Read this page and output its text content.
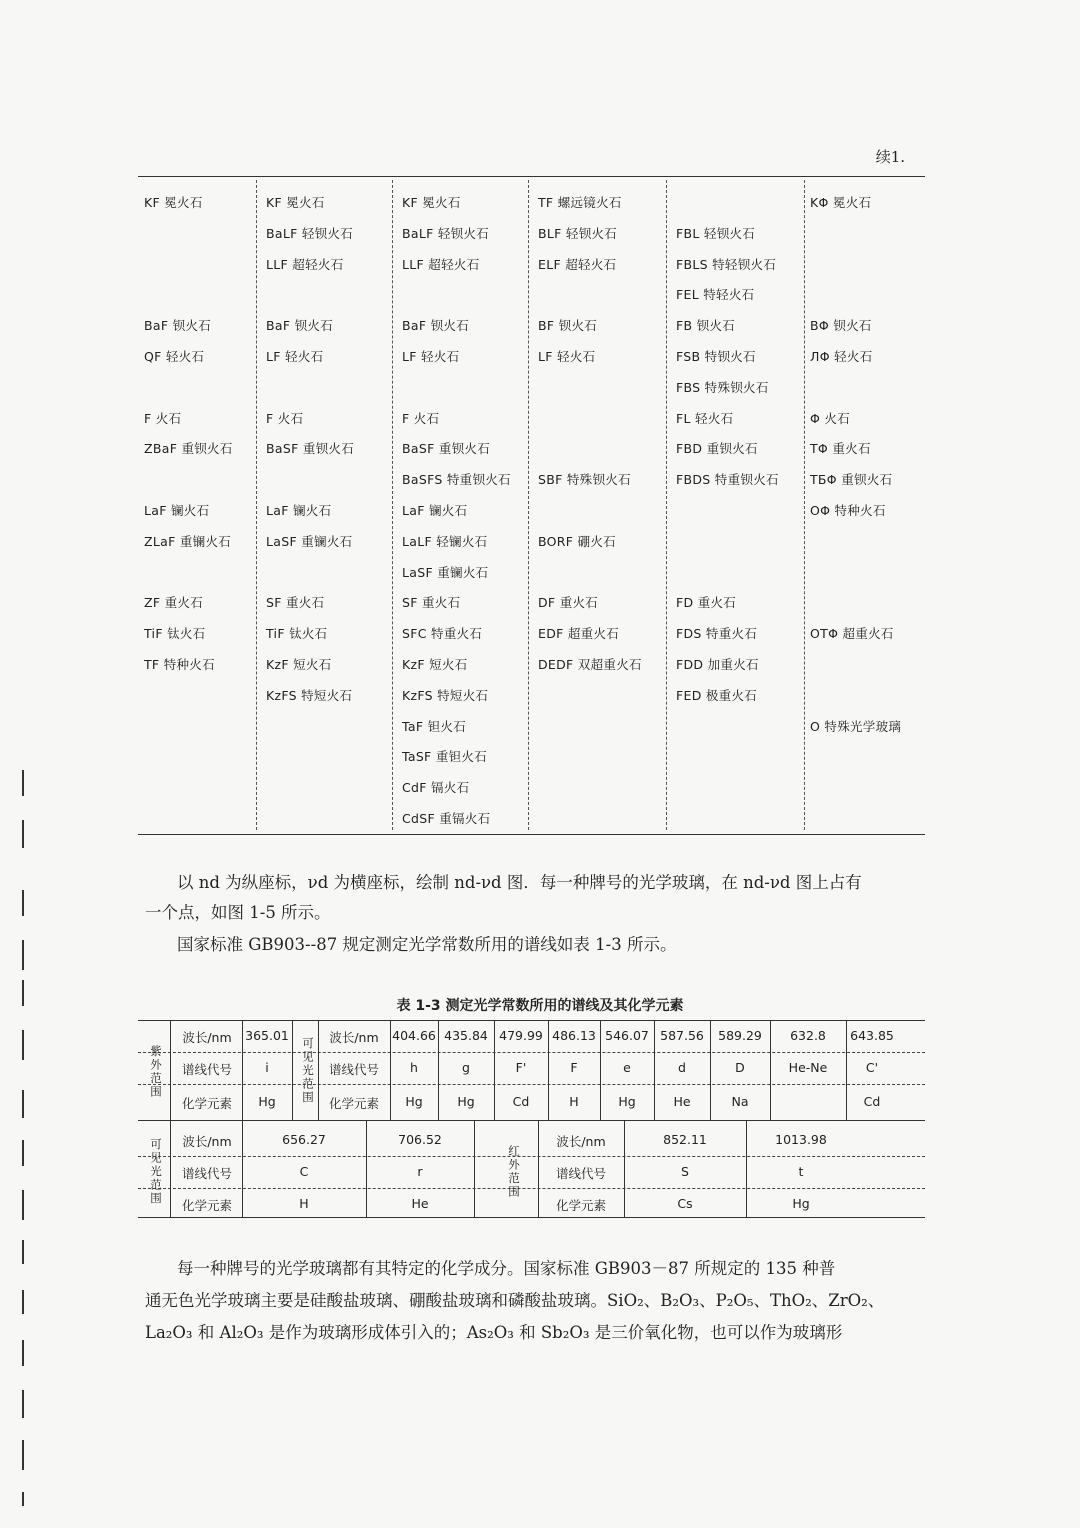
续1.
KF 冕火石
BaF 钡火石
QF 轻火石
F 火石
ZBaF 重钡火石
LaF 镧火石
ZLaF 重镧火石
ZF 重火石
TiF 钛火石
TF 特种火石
KF 冕火石
BaLF 轻钡火石
LLF 超轻火石
BaF 钡火石
LF 轻火石
F 火石
BaSF 重钡火石
LaF 镧火石
LaSF 重镧火石
SF 重火石
TiF 钛火石
KzF 短火石
KzFS 特短火石
KF 冕火石
BaLF 轻钡火石
LLF 超轻火石
BaF 钡火石
LF 轻火石
F 火石
BaSF 重钡火石
BaSFS 特重钡火石
LaF 镧火石
LaLF 轻镧火石
LaSF 重镧火石
SF 重火石
SFC 特重火石
KzF 短火石
KzFS 特短火石
TaF 钽火石
TaSF 重钽火石
CdF 镉火石
CdSF 重镉火石
TF 螺远镜火石
BLF 轻钡火石
ELF 超轻火石
BF 钡火石
LF 轻火石
SBF 特殊钡火石
BORF 硼火石
DF 重火石
EDF 超重火石
DEDF 双超重火石
FBL 轻钡火石
FBLS 特轻钡火石
FEL 特轻火石
FB 钡火石
FSB 特钡火石
FBS 特殊钡火石
FL 轻火石
FBD 重钡火石
FBDS 特重钡火石
FD 重火石
FDS 特重火石
FDD 加重火石
FED 极重火石
KΦ 冕火石
BΦ 钡火石
ЛΦ 轻火石
Φ 火石
TΦ 重火石
TБΦ 重钡火石
OΦ 特种火石
OTΦ 超重火石
O 特殊光学玻璃
以 nd 为纵座标，νd 为横座标，绘制 nd-νd 图．每一种牌号的光学玻璃，在 nd-νd 图上占有
一个点，如图 1-5 所示。
国家标准 GB903--87 规定测定光学常数所用的谱线如表 1-3 所示。
表 1-3 测定光学常数所用的谱线及其化学元素
紫外范围	可见光范围
可见光范围	红外范围
波长/nm
谱线代号
化学元素
365.01
i
Hg
波长/nm
谱线代号
化学元素
404.66
h
Hg
435.84
g
Hg
479.99
F'
Cd
486.13
F
H
546.07
e
Hg
587.56
d
He
589.29
D
Na
632.8
He-Ne
643.85
C'
Cd
波长/nm
谱线代号
化学元素
656.27
C
H
706.52
r
He
波长/nm
谱线代号
化学元素
852.11
S
Cs
1013.98
t
Hg
每一种牌号的光学玻璃都有其特定的化学成分。国家标准 GB903－87 所规定的 135 种普
通无色光学玻璃主要是硅酸盐玻璃、硼酸盐玻璃和磷酸盐玻璃。SiO₂、B₂O₃、P₂O₅、ThO₂、ZrO₂、
La₂O₃ 和 Al₂O₃ 是作为玻璃形成体引入的；As₂O₃ 和 Sb₂O₃ 是三价氧化物，也可以作为玻璃形
